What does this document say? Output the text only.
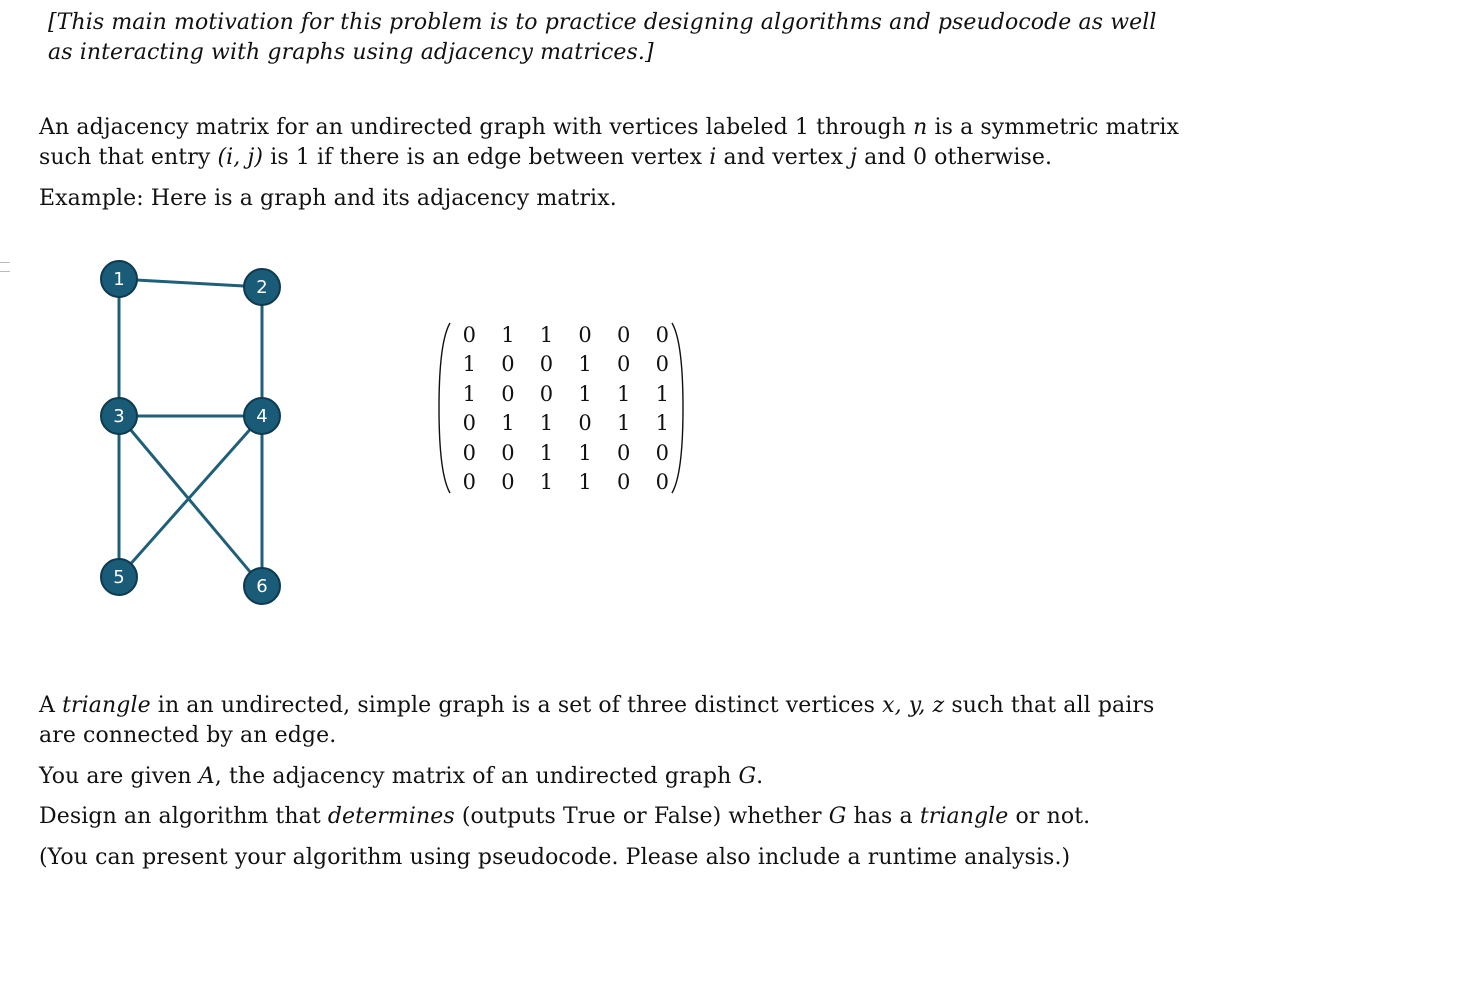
[This main motivation for this problem is to practice designing algorithms and pseudocode as well as interacting with graphs using adjacency matrices.]
An adjacency matrix for an undirected graph with vertices labeled 1 through n is a symmetric matrix such that entry (i, j) is 1 if there is an edge between vertex i and vertex j and 0 otherwise.
Example: Here is a graph and its adjacency matrix.
1	2
3	4
5	6
0	1	1	0	0	0
1	0	0	1	0	0
1	0	0	1	1	1
0	1	1	0	1	1
0	0	1	1	0	0
0	0	1	1	0	0
A triangle in an undirected, simple graph is a set of three distinct vertices x, y, z such that all pairs are connected by an edge.
You are given A, the adjacency matrix of an undirected graph G.
Design an algorithm that determines (outputs True or False) whether G has a triangle or not.
(You can present your algorithm using pseudocode. Please also include a runtime analysis.)
